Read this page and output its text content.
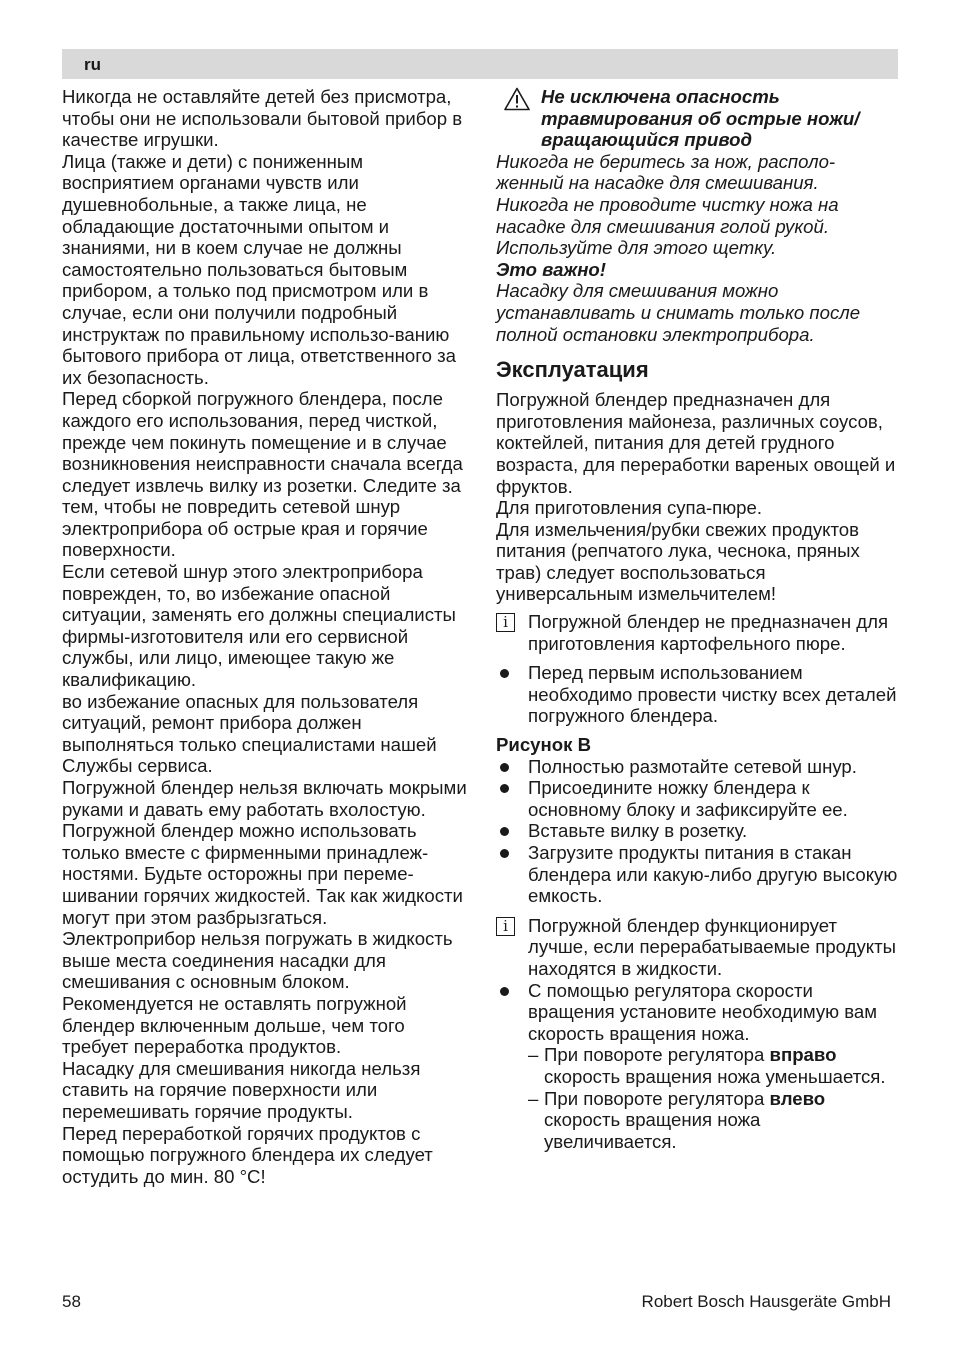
ru

Никогда не оставляйте детей без присмотра, чтобы они не использовали бытовой прибор в качестве игрушки.

Лица (также и дети) с пониженным восприятием органами чувств или душевнобольные, а также лица, не обладающие достаточными опытом и знаниями, ни в коем случае не должны самостоятельно пользоваться бытовым прибором, а только под присмотром или в случае, если они получили подробный инструктаж по правильному использо-ванию бытового прибора от лица, ответственного за их безопасность.

Перед сборкой погружного блендера, после каждого его использования, перед чисткой, прежде чем покинуть помещение и в случае возникновения неисправности сначала всегда следует извлечь вилку из розетки. Следите за тем, чтобы не повредить сетевой шнур электроприбора об острые края и горячие поверхности.

Если сетевой шнур этого электроприбора поврежден, то, во избежание опасной ситуации, заменять его должны специалисты фирмы-изготовителя или его сервисной службы, или лицо, имеющее такую же квалификацию.

во избежание опасных для пользователя ситуаций, ремонт прибора должен выполняться только специалистами нашей Службы сервиса.

Погружной блендер нельзя включать мокрыми руками и давать ему работать вхолостую.

Погружной блендер можно использовать только вместе с фирменными принадлеж-ностями. Будьте осторожны при переме-шивании горячих жидкостей. Так как жидкости могут при этом разбрызгаться.

Электроприбор нельзя погружать в жидкость выше места соединения насадки для смешивания с основным блоком.

Рекомендуется не оставлять погружной блендер включенным дольше, чем того требует переработка продуктов.

Насадку для смешивания никогда нельзя ставить на горячие поверхности или перемешивать горячие продукты.

Перед переработкой горячих продуктов с помощью погружного блендера их следует остудить до мин. 80 °C!

Не исключена опасность травмирования об острые ножи/ вращающийся привод

Никогда не беритесь за нож, располо-женный на насадке для смешивания.

Никогда не проводите чистку ножа на насадке для смешивания голой рукой. Используйте для этого щетку.

Это важно!

Насадку для смешивания можно устанавливать и снимать только после полной остановки электроприбора.

Эксплуатация

Погружной блендер предназначен для приготовления майонеза, различных соусов, коктейлей, питания для детей грудного возраста, для переработки вареных овощей и фруктов.

Для приготовления супа-пюре.

Для измельчения/рубки свежих продуктов питания (репчатого лука, чеснока, пряных трав) следует воспользоваться универсальным измельчителем!

i	Погружной блендер не предназначен для приготовления картофельного пюре.

Перед первым использованием необходимо провести чистку всех деталей погружного блендера.

Рисунок B

Полностью размотайте сетевой шнур.

Присоедините ножку блендера к основному блоку и зафиксируйте ее.

Вставьте вилку в розетку.

Загрузите продукты питания в стакан блендера или какую-либо другую высокую емкость.

i	Погружной блендер функционирует лучше, если перерабатываемые продукты находятся в жидкости.

С помощью регулятора скорости вращения установите необходимую вам скорость вращения ножа.

– При повороте регулятора вправо скорость вращения ножа уменьшается.

– При повороте регулятора влево скорость вращения ножа увеличивается.

58	Robert Bosch Hausgeräte GmbH
